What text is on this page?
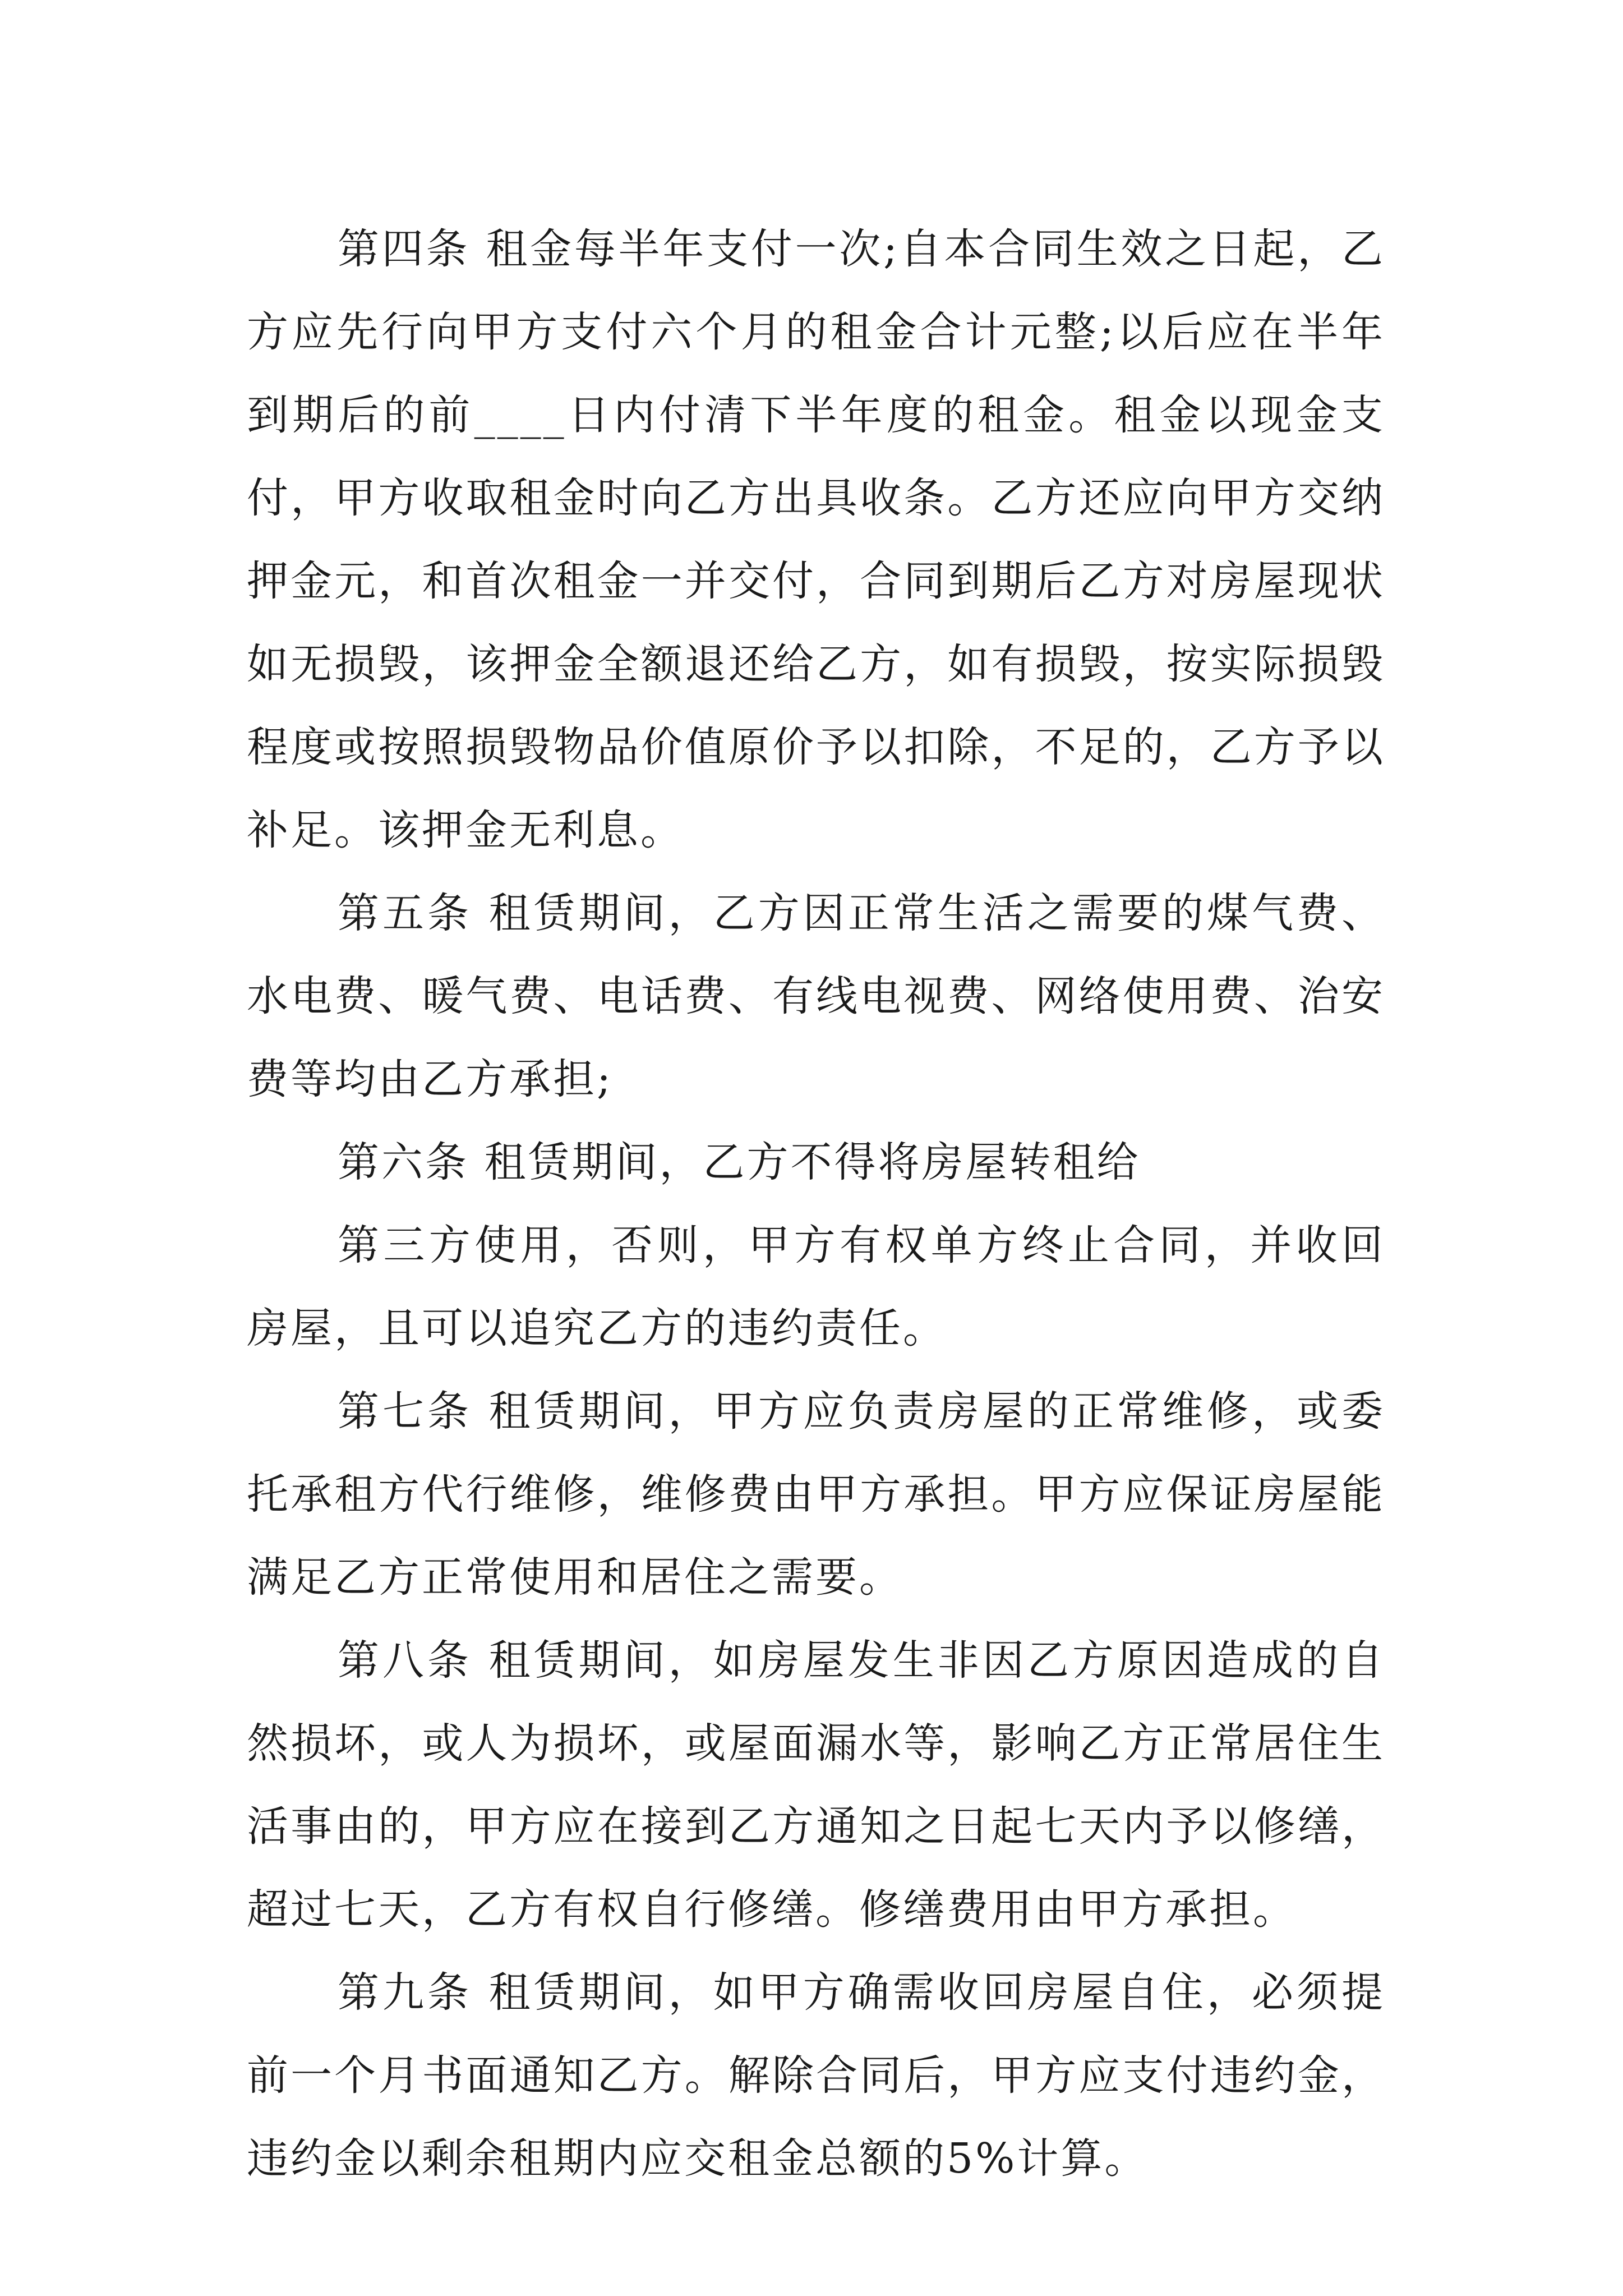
第四条 租金每半年支付一次;自本合同生效之日起，乙方应先行向甲方支付六个月的租金合计元整;以后应在半年到期后的前____日内付清下半年度的租金。租金以现金支付，甲方收取租金时向乙方出具收条。乙方还应向甲方交纳押金元，和首次租金一并交付，合同到期后乙方对房屋现状如无损毁，该押金全额退还给乙方，如有损毁，按实际损毁程度或按照损毁物品价值原价予以扣除，不足的，乙方予以补足。该押金无利息。

第五条 租赁期间，乙方因正常生活之需要的煤气费、水电费、暖气费、电话费、有线电视费、网络使用费、治安费等均由乙方承担;

第六条 租赁期间，乙方不得将房屋转租给

第三方使用，否则，甲方有权单方终止合同，并收回房屋，且可以追究乙方的违约责任。

第七条 租赁期间，甲方应负责房屋的正常维修，或委托承租方代行维修，维修费由甲方承担。甲方应保证房屋能满足乙方正常使用和居住之需要。

第八条 租赁期间，如房屋发生非因乙方原因造成的自然损坏，或人为损坏，或屋面漏水等，影响乙方正常居住生活事由的，甲方应在接到乙方通知之日起七天内予以修缮，超过七天，乙方有权自行修缮。修缮费用由甲方承担。

第九条 租赁期间，如甲方确需收回房屋自住，必须提前一个月书面通知乙方。解除合同后，甲方应支付违约金，违约金以剩余租期内应交租金总额的5%计算。
